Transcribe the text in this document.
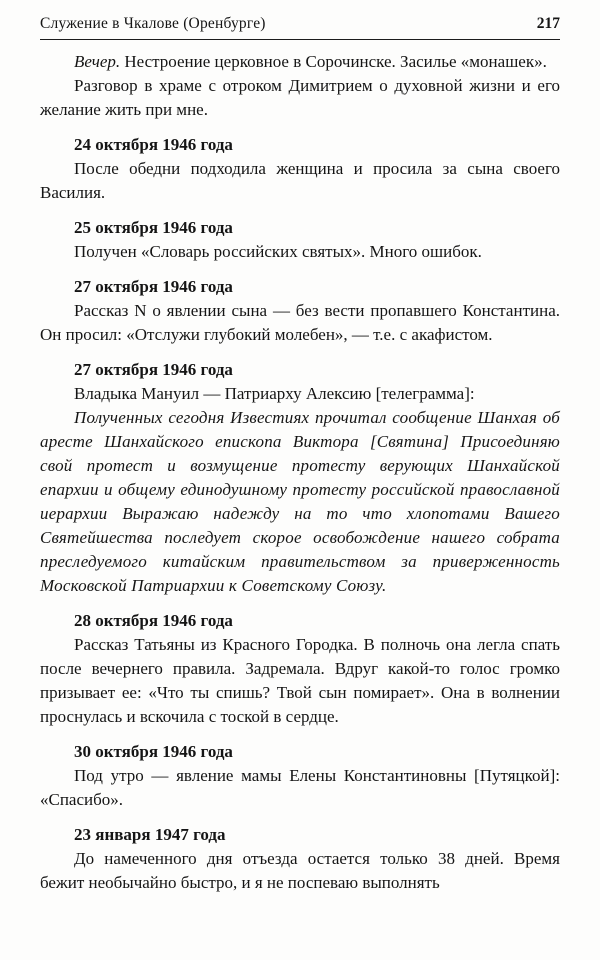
Служение в Чкалове (Оренбурге)	217

Вечер. Нестроение церковное в Сорочинске. Засилье «монашек».

Разговор в храме с отроком Димитрием о духовной жизни и его желание жить при мне.

24 октября 1946 года

После обедни подходила женщина и просила за сына своего Василия.

25 октября 1946 года

Получен «Словарь российских святых». Много ошибок.

27 октября 1946 года

Рассказ N о явлении сына — без вести пропавшего Константина. Он просил: «Отслужи глубокий молебен», — т.е. с акафистом.

27 октября 1946 года

Владыка Мануил — Патриарху Алексию [телеграмма]:

Полученных сегодня Известиях прочитал сообщение Шанхая об аресте Шанхайского епископа Виктора [Святина] Присоединяю свой протест и возмущение протесту верующих Шанхайской епархии и общему единодушному протесту российской православной иерархии Выражаю надежду на то что хлопотами Вашего Святейшества последует скорое освобождение нашего собрата преследуемого китайским правительством за приверженность Московской Патриархии к Советскому Союзу.

28 октября 1946 года

Рассказ Татьяны из Красного Городка. В полночь она легла спать после вечернего правила. Задремала. Вдруг какой-то голос громко призывает ее: «Что ты спишь? Твой сын помирает». Она в волнении проснулась и вскочила с тоской в сердце.

30 октября 1946 года

Под утро — явление мамы Елены Константиновны [Путяцкой]: «Спасибо».

23 января 1947 года

До намеченного дня отъезда остается только 38 дней. Время бежит необычайно быстро, и я не поспеваю выполнять
